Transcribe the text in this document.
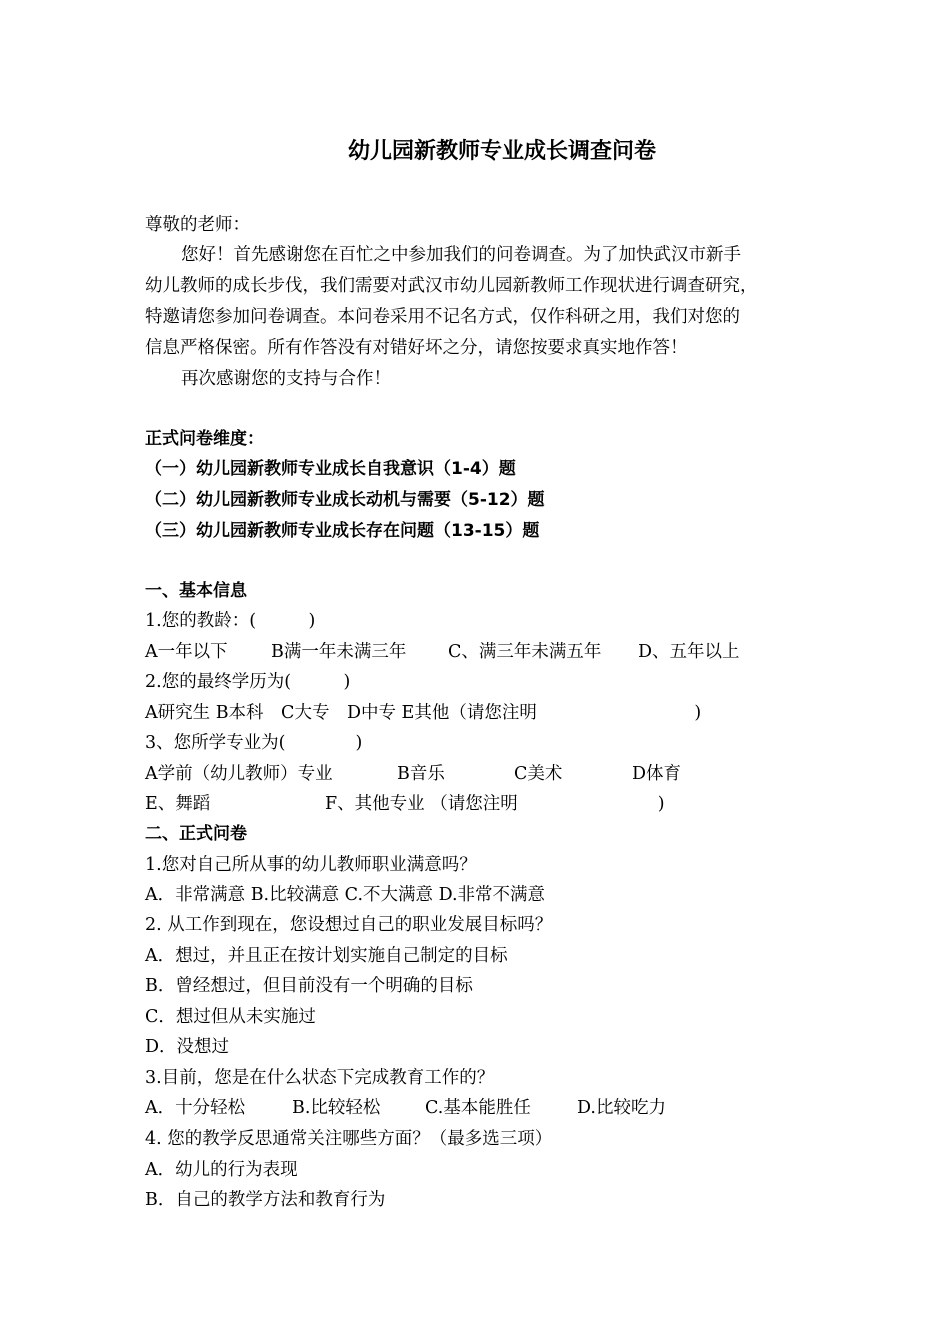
幼儿园新教师专业成长调查问卷
尊敬的老师：
您好！首先感谢您在百忙之中参加我们的问卷调查。为了加快武汉市新手
幼儿教师的成长步伐，我们需要对武汉市幼儿园新教师工作现状进行调查研究，
特邀请您参加问卷调查。本问卷采用不记名方式，仅作科研之用，我们对您的
信息严格保密。所有作答没有对错好坏之分，请您按要求真实地作答！
再次感谢您的支持与合作！
正式问卷维度：
（一）幼儿园新教师专业成长自我意识（1-4）题
（二）幼儿园新教师专业成长动机与需要（5-12）题
（三）幼儿园新教师专业成长存在问题（13-15）题
一、基本信息
1.您的教龄：(　　　)
A一年以下 B满一年未满三年 C、满三年未满五年 D、五年以上
2.您的最终学历为(　　　)
A研究生 B本科　C大专　D中专 E其他（请您注明　　　　　　　　　)
3、您所学专业为(　　　　)
A学前（幼儿教师）专业	B音乐	C美术	D体育
E、舞蹈	F、其他专业 （请您注明　　　　　　　　)
二、正式问卷
1.您对自己所从事的幼儿教师职业满意吗？
A．非常满意 B.比较满意 C.不大满意 D.非常不满意
2. 从工作到现在，您设想过自己的职业发展目标吗？
A．想过，并且正在按计划实施自己制定的目标
B．曾经想过，但目前没有一个明确的目标
C．想过但从未实施过
D．没想过
3.目前，您是在什么状态下完成教育工作的？
A．十分轻松	B.比较轻松	C.基本能胜任	D.比较吃力
4. 您的教学反思通常关注哪些方面？（最多选三项）
A．幼儿的行为表现
B．自己的教学方法和教育行为
